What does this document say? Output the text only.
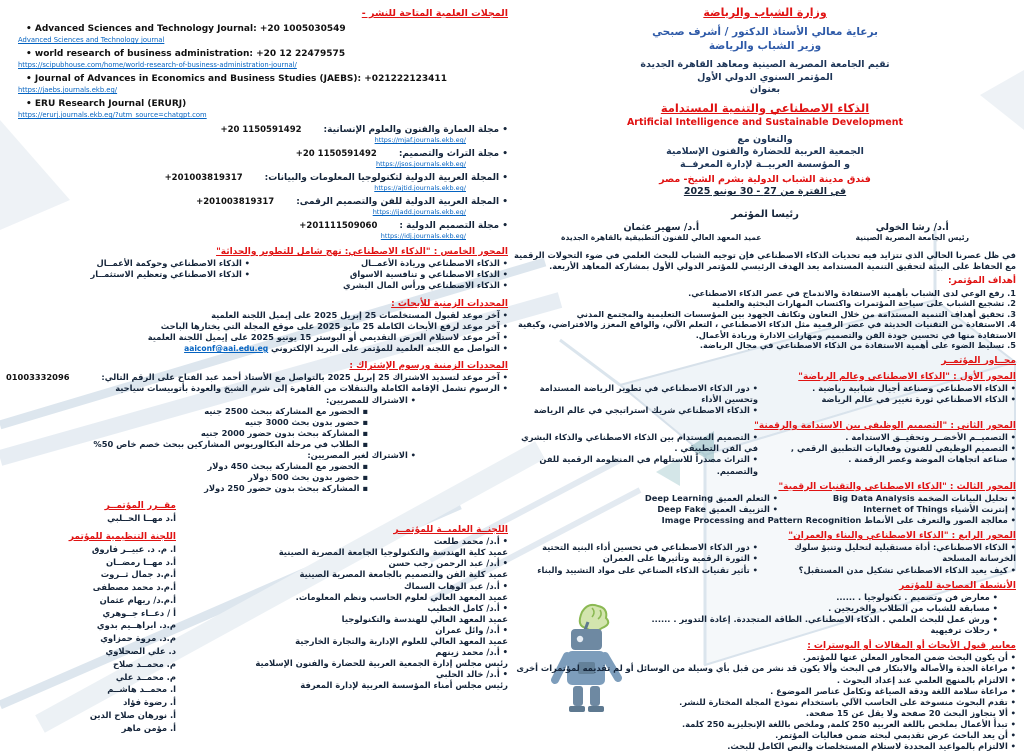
المجلات العلمية المتاحة للنشر -
• Advanced Sciences and Technology Journal: +20 1005030549
Advanced Sciences and Technology journal
• world research of business administration: +20 12 22479575
https://scipubhouse.com/home/world-research-of-business-administration-journal/
• Journal of Advances in Economics and Business Studies (JAEBS): +021222123411
https://jaebs.journals.ekb.eg/
• ERU Research Journal (ERURJ)
https://erurj.journals.ekb.eg/?utm_source=chatgpt.com
• مجلة العمارة والفنون والعلوم الإنسانية:
+20 1150591492
https://mjaf.journals.ekb.eg/
• مجلة التراث والتصميم:
+20 1150591492
https://jsos.journals.ekb.eg/
• المجلة العربية الدولية لتكنولوجيا المعلومات والبيانات:
+201003819317
https://ajtid.journals.ekb.eg/
• المجلة العربية الدولية للفن والتصميم الرقمى:
+201003819317
https://ijadd.journals.ekb.eg/
• مجلة التصميم الدولية :
+201111509060
https://idj.journals.ekb.eg/
المحور الخامس : "الذكاء الاصطناعي: نهج شامل للتطوير والحداثة"
• الذكاء الاصطناعي وريادة الأعمــال
• الذكاء الاصطناعي و تنافسية الاسواق
• الذكاء الاصطناعي ورأس المال البشري
• الذكاء الاصطناعي وحوكمة الأعمــال
• الذكاء الاصطناعي وتعظيم الاستثمــار
المحددات الزمنية للأبحاث :
• آخر موعد لقبول المستخلصات 25 إبريل 2025 على إيميل اللجنة العلمية
• آخر موعد لرفع الأبحاث الكاملة 25 مايو 2025 على موقع المجلة التي يختارها الباحث
• آخر موعد لاستلام العرض التقديمي أو البوستر 15 يونيو 2025 على إيميل اللجنة العلمية
• التواصل مع اللجنة العلمية للمؤتمر على البريد الإلكتروني aaiconf@aai.edu.eg
المحددات الزمنية ورسوم الإشتراك :
• آخر موعد لتسديد الاشتراك 25 إبريل 2025 بالتواصل مع الأستاذ أحمد عبد الفتاح على الرقم التالي:
01003332096
• الرسوم تشمل الإقامة الكاملة والتنقلات من القاهرة إلى شرم الشيخ والعودة بأتوبيسات سياحية
• الاشتراك للمصريين:
▪ الحضور مع المشاركة ببحث 2500 جنيه
▪ حضور بدون بحث 3000 جنيه
▪ المشاركة ببحث بدون حضور 2000 جنيه
▪ الطلاب في مرحلة البكالوريوس المشاركين ببحث خصم خاص 50%
• الاشتراك لغير المصريين:
▪ الحضور مع المشاركة ببحث 450 دولار
▪ حضور بدون بحث 500 دولار
▪ المشاركة ببحث بدون حضور 250 دولار
مقــرر المؤتمــر
أ.د مهــا الحــلبي
اللجنة التنظيمية للمؤتمر
ا. م. د. عبيــر فاروق
أ.د مهــا رمضــان
أ.م.د جمال ثــروت
أ.م.د محمد مصطفى
أ.م.د/ ريهام عثمان
أ / دعــاء جــوهري
م.د. ابراهــيم بدوي
م.د. مروة حمزاوي
د. علي الصحلاوي
م. محمــد صلاح
م. محمــد علي
ا. محمــد هاشــم
أ. رضوة فؤاد
أ. نورهان صلاح الدين
أ. مؤمن ماهر
اللجنــة العلميــة للمؤتمــر
• أ.د/ محمد طلعت
عميد كلية الهندسة والتكنولوجيا الجامعة المصرية الصينية
• أ.د/ عبد الرحمن رجب حسن
عميد كلية الفن والتصميم بالجامعة المصرية الصينية
• أ.د/ عبد الوهاب السماك
عميد المعهد العالي لعلوم الحاسب ونظم المعلومات.
• أ.د/ كامل الخطيب
عميد المعهد العالي للهندسة والتكنولوجيا
• أ.د/ وائل عمران
عميد المعهد العالي للعلوم الإدارية والتجارة الخارجية
• أ.د/ محمد زينهم
رئيس مجلس إدارة الجمعية العربية للحضارة والفنون الإسلامية
• أ.د/ خالد الحلبي
رئيس مجلس أمناء المؤسسة العربية لإدارة المعرفة
وزارة الشباب والرياضة
برعاية معالي الأستاذ الدكتور / أشرف صبحي
وزير الشباب والرياضة
تقيم الجامعة المصرية الصينية ومعاهد القاهرة الجديدة
المؤتمر السنوي الدولي الأول
بعنوان
الذكاء الاصطناعي والتنمية المستدامة
Artificial Intelligence and Sustainable Development
والتعاون مع
الجمعية العربية للحضارة والفنون الإسلامية
و المؤسسة العربيــة لإدارة المعرفــة
فندق مدينة الشباب الدولية بشرم الشيخ- مصر
في الفترة من 27 - 30 يونيو 2025
رئيسا المؤتمر
أ.د/ رشا الخولي
رئيس الجامعة المصرية الصينية
أ.د/ سهير عثمان
عميد المعهد العالي للفنون التطبيقية بالقاهرة الجديدة
في ظل عصرنا الحالي الذي تتزايد فيه تحديات الذكاء الاصطناعي فإن توجيه الشباب للبحث العلمي في ضوء التحولات الرقمية مع الحفاظ على البيئة لتحقيق التنمية المستدامة يعد الهدف الرئيسي للمؤتمر الدولي الأول بمشاركة المعاهد الأربعة.
أهداف المؤتمر:
1. رفع الوعي لدى الشباب بأهمية الاستفادة والاندماج في عصر الذكاء الاصطناعي.
2. تشجيع الشباب على سياحة المؤتمرات واكتساب المهارات البحثية والعلمية
3. تحقيق أهداف التنمية المستدامة من خلال التعاون وتكاتف الجهود بين المؤسسات التعليمية والمجتمع المدني
4. الاستفادة من التقنيات الحديثة في عصر الرقمية مثل الذكاء الاصطناعي ، التعلم الآلي، والواقع المعزز والافتراضي، وكيفية الاستفادة منها في تحسين جودة الفن والتصميم ومهارات الادارة وريادة الأعمال.
5. تسليط الضوء على أهمية الاستفادة من الذكاء الاصطناعي في مجال الرياضة.
محــاور المؤتمــر
المحور الأول : "الذكاء الاصطناعي وعالم الرياضة"
• الذكاء الاصطناعي وصناعة أجيال شبابية رياضية .
• الذكاء الاصطناعي ثورة تغيير في عالم الرياضة
• دور الذكاء الاصطناعي في تطوير الرياضة المستدامة وتحسين الأداء
• الذكاء الاصطناعي شريك استراتيجي في عالم الرياضة
المحور الثاني : "التصميم الوظيفي بين الاستدامة والرقمنة"
• التصميــم الأخضــر وتحقيــق الاستدامة .
• التصميم الوظيفي للفنون وفعاليات التطبيق الرقمي ,
• صناعة اتجاهات الموضة وعصر الرقمنة .
• التصميم المستدام بين الذكاء الاصطناعي والذكاء البشري في الفن التطبيقي .
• التراث مصدراً للاستلهام في المنظومة الرقمية للفن والتصميم.
المحور الثالث : "الذكاء الاصطناعي والتقنيات الرقمية"
• تحليل البيانات الضخمة Big Data Analysis
• إنترنت الأشياء Internet of Things
• التعلم العميق Deep Learning
• التزييف العميق Deep Fake
• معالجة الصور والتعرف على الأنماط Image Processing and Pattern Recognition
المحور الرابع : "الذكاء الاصطناعي والبناء والعمران"
• الذكاء الاصطناعي: أداة مستقبلية لتحليل وتنبؤ سلوك الخرسانة المسلحة
• كيف يعيد الذكاء الاصطناعي تشكيل مدن المستقبل؟
• دور الذكاء الاصطناعي في تحسين أداء البنية التحتية
• الثورة الرقمية وتأثيرها على العمران
• تأثير تقنيات الذكاء الصناعي على مواد التشييد والبناء
الأنشطة المصاحبة للمؤتمر
• معارض فن وتصميم . تكنولوجيا . ......
• مسابقة للشباب من الطلاب والخريجين .
• ورش عمل للبحث العلمي . الذكاء الاصطناعي. الطاقة المتجددة. إعادة التدوير . ......
• رحلات ترفيهية
معايير قبول الأبحاث أو المقالات أو البوسترات :
• أن يكون البحث ضمن المحاور المعلن عنها للمؤتمر.
• مراعاة الجدة والأصالة والابتكار في البحث وألا يكون قد نشر من قبل بأي وسيلة من الوسائل أو لم تقديمه لمؤتمرات أخرى
• الالتزام بالمنهج العلمي عند إعداد البحوث .
• مراعاة سلامة اللغة ودقة الصياغة وتكامل عناصر الموضوع .
• تقدم البحوث منسوخة على الحاسب الآلي باستخدام نموذج المجلة المختارة للنشر.
• ألا يتجاوز البحث 20 صفحة ولا يقل عن 15 صفحة.
• تبدأ الأعمال بملخص باللغة العربية 250 كلمة, وملخص باللغة الإنجليزية 250 كلمة.
• أن يعد الباحث عرض تقديمي لبحثه ضمن فعاليات المؤتمر.
• الالتزام بالمواعيد المحددة لاستلام المستخلصات والنص الكامل للبحث.
